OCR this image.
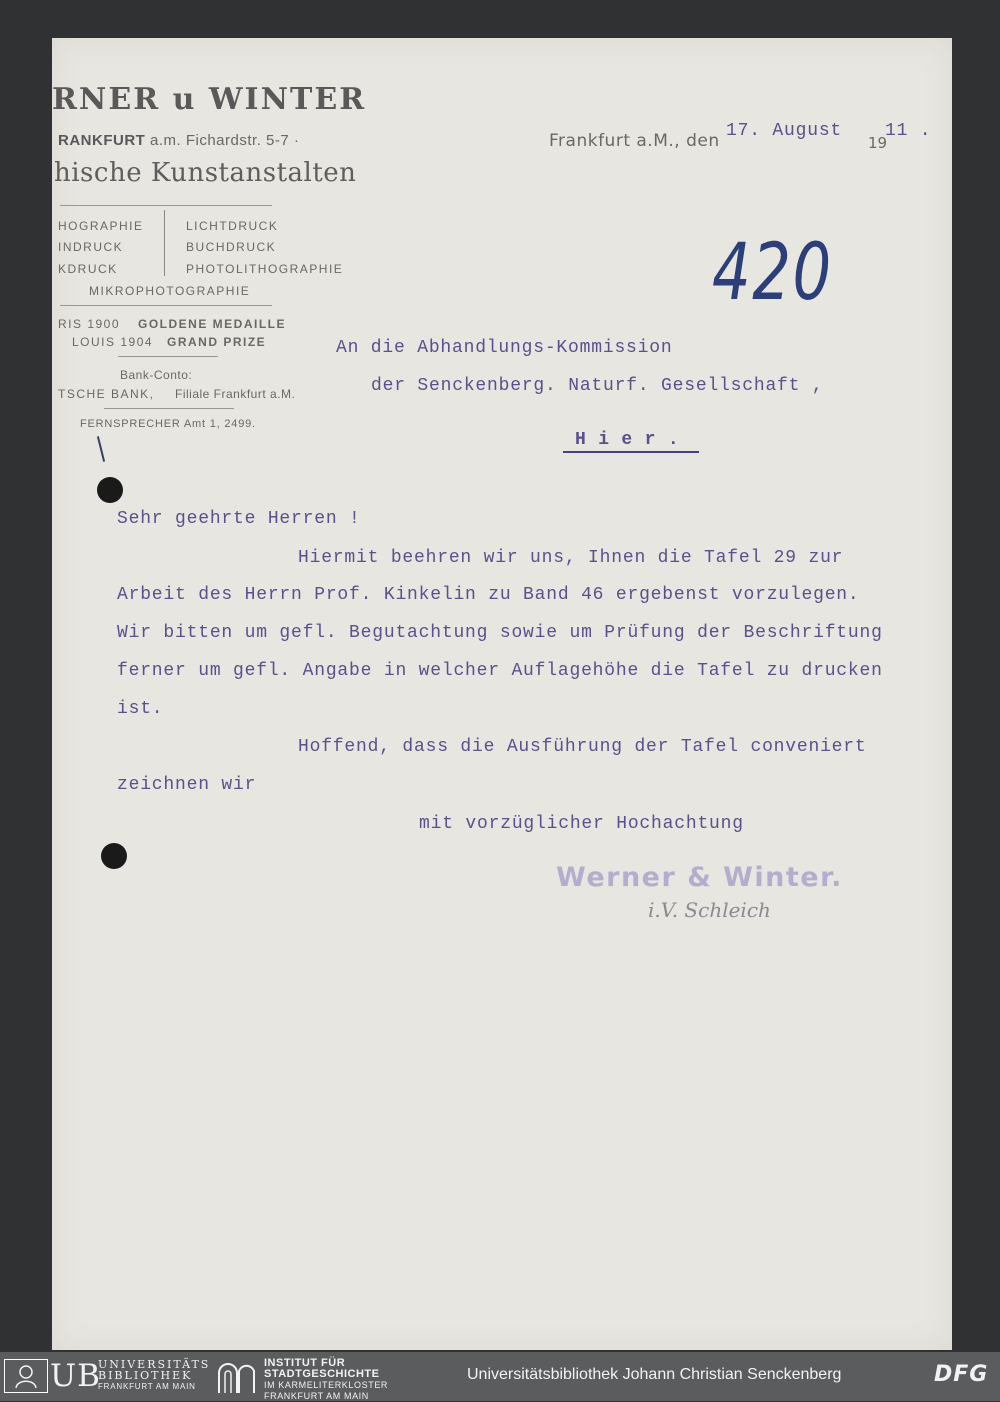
RNER u WINTER
RANKFURT a.m. Fichardstr. 5-7 ·
hische Kunstanstalten
HOGRAPHIE
INDRUCK
KDRUCK
LICHTDRUCK
BUCHDRUCK
PHOTOLITHOGRAPHIE
MIKROPHOTOGRAPHIE
RIS 1900 GOLDENE MEDAILLE
LOUIS 1904 GRAND PRIZE
Bank-Conto:
TSCHE BANK, Filiale Frankfurt a.M.
FERNSPRECHER Amt 1, 2499.
Frankfurt a.M., den 17. August
19
11 .
420
An die Abhandlungs-Kommission
der Senckenberg. Naturf. Gesellschaft ,
H i e r .
Sehr geehrte Herren !
Hiermit beehren wir uns, Ihnen die Tafel 29 zur
Arbeit des Herrn Prof. Kinkelin zu Band 46 ergebenst vorzulegen.
Wir bitten um gefl. Begutachtung sowie um Prüfung der Beschriftung
ferner um gefl. Angabe in welcher Auflagehöhe die Tafel zu drucken
ist.
Hoffend, dass die Ausführung der Tafel conveniert
zeichnen wir
mit vorzüglicher Hochachtung
Werner & Winter.
i.V. Schleich
UB
UNIVERSITÄTS
BIBLIOTHEK
FRANKFURT AM MAIN
INSTITUT FÜR
STADTGESCHICHTE
IM KARMELITERKLOSTER
FRANKFURT AM MAIN
Universitätsbibliothek Johann Christian Senckenberg	DFG
